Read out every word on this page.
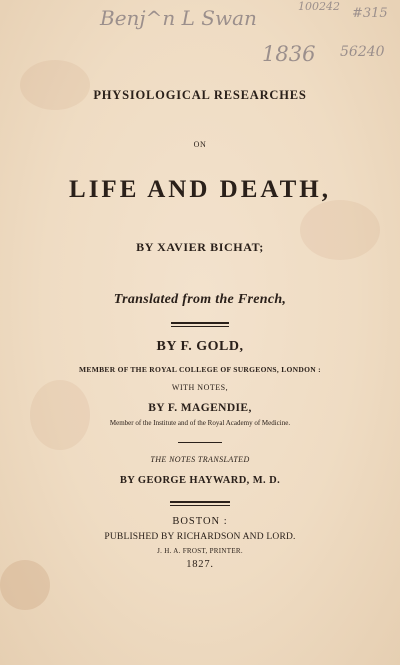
Benj^n L Swan	100242 #315
1836 56240
PHYSIOLOGICAL RESEARCHES
ON
LIFE AND DEATH,
BY XAVIER BICHAT;
Translated from the French,
BY F. GOLD,
MEMBER OF THE ROYAL COLLEGE OF SURGEONS, LONDON :
WITH NOTES,
BY F. MAGENDIE,
Member of the Institute and of the Royal Academy of Medicine.
THE NOTES TRANSLATED
BY GEORGE HAYWARD, M. D.
BOSTON :
PUBLISHED BY RICHARDSON AND LORD.
J. H. A. FROST, PRINTER.
1827.
